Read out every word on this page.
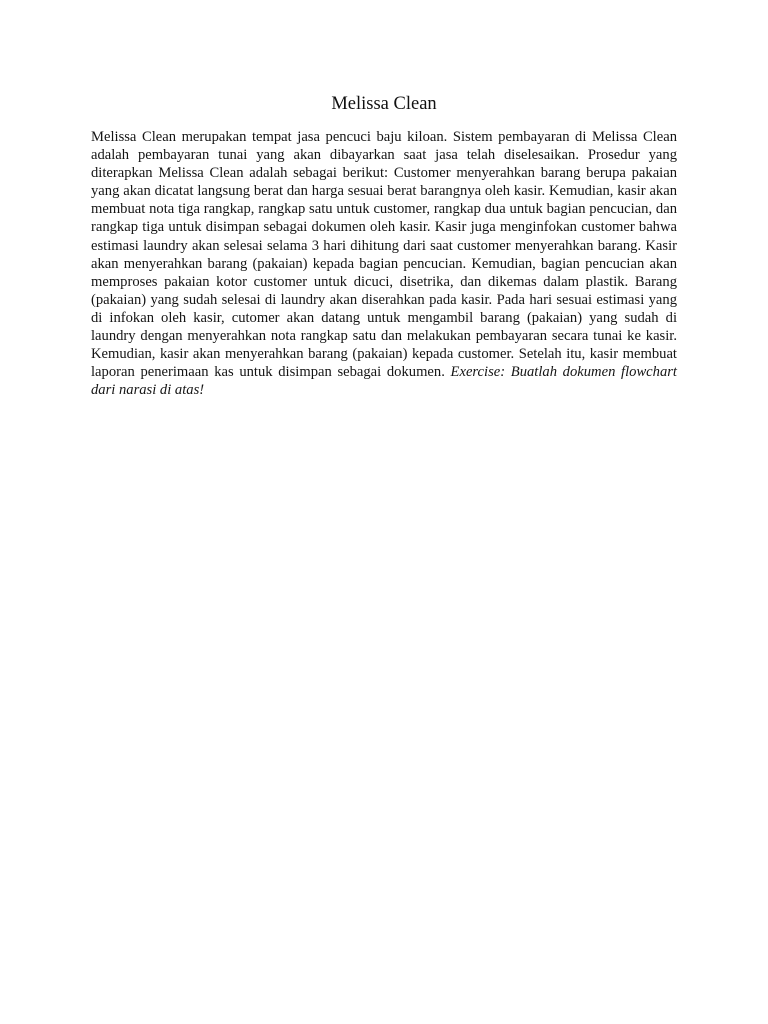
Melissa Clean

Melissa Clean merupakan tempat jasa pencuci baju kiloan. Sistem pembayaran di Melissa Clean adalah pembayaran tunai yang akan dibayarkan saat jasa telah diselesaikan. Prosedur yang diterapkan Melissa Clean adalah sebagai berikut: Customer menyerahkan barang berupa pakaian yang akan dicatat langsung berat dan harga sesuai berat barangnya oleh kasir. Kemudian, kasir akan membuat nota tiga rangkap, rangkap satu untuk customer, rangkap dua untuk bagian pencucian, dan rangkap tiga untuk disimpan sebagai dokumen oleh kasir. Kasir juga menginfokan customer bahwa estimasi laundry akan selesai selama 3 hari dihitung dari saat customer menyerahkan barang. Kasir akan menyerahkan barang (pakaian) kepada bagian pencucian. Kemudian, bagian pencucian akan memproses pakaian kotor customer untuk dicuci, disetrika, dan dikemas dalam plastik. Barang (pakaian) yang sudah selesai di laundry akan diserahkan pada kasir. Pada hari sesuai estimasi yang di infokan oleh kasir, cutomer akan datang untuk mengambil barang (pakaian) yang sudah di laundry dengan menyerahkan nota rangkap satu dan melakukan pembayaran secara tunai ke kasir. Kemudian, kasir akan menyerahkan barang (pakaian) kepada customer. Setelah itu, kasir membuat laporan penerimaan kas untuk disimpan sebagai dokumen. Exercise: Buatlah dokumen flowchart dari narasi di atas!
